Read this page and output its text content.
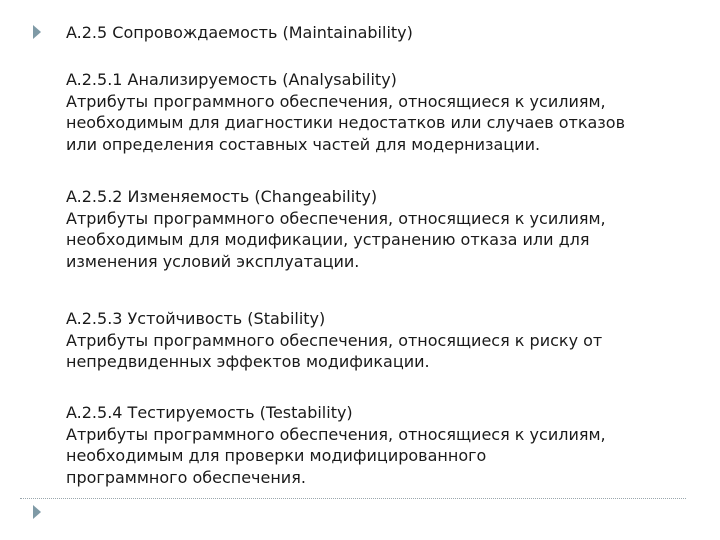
A.2.5 Сопровождаемость (Maintainability)
A.2.5.1 Анализируемость (Analysability)
Атрибуты программного обеспечения, относящиеся к усилиям,
необходимым для диагностики недостатков или случаев отказов
или определения составных частей для модернизации.
A.2.5.2 Изменяемость (Changeability)
Атрибуты программного обеспечения, относящиеся к усилиям,
необходимым для модификации, устранению отказа или для
изменения условий эксплуатации.
A.2.5.3 Устойчивость (Stability)
Атрибуты программного обеспечения, относящиеся к риску от
непредвиденных эффектов модификации.
A.2.5.4 Тестируемость (Testability)
Атрибуты программного обеспечения, относящиеся к усилиям,
необходимым для проверки модифицированного
программного обеспечения.
